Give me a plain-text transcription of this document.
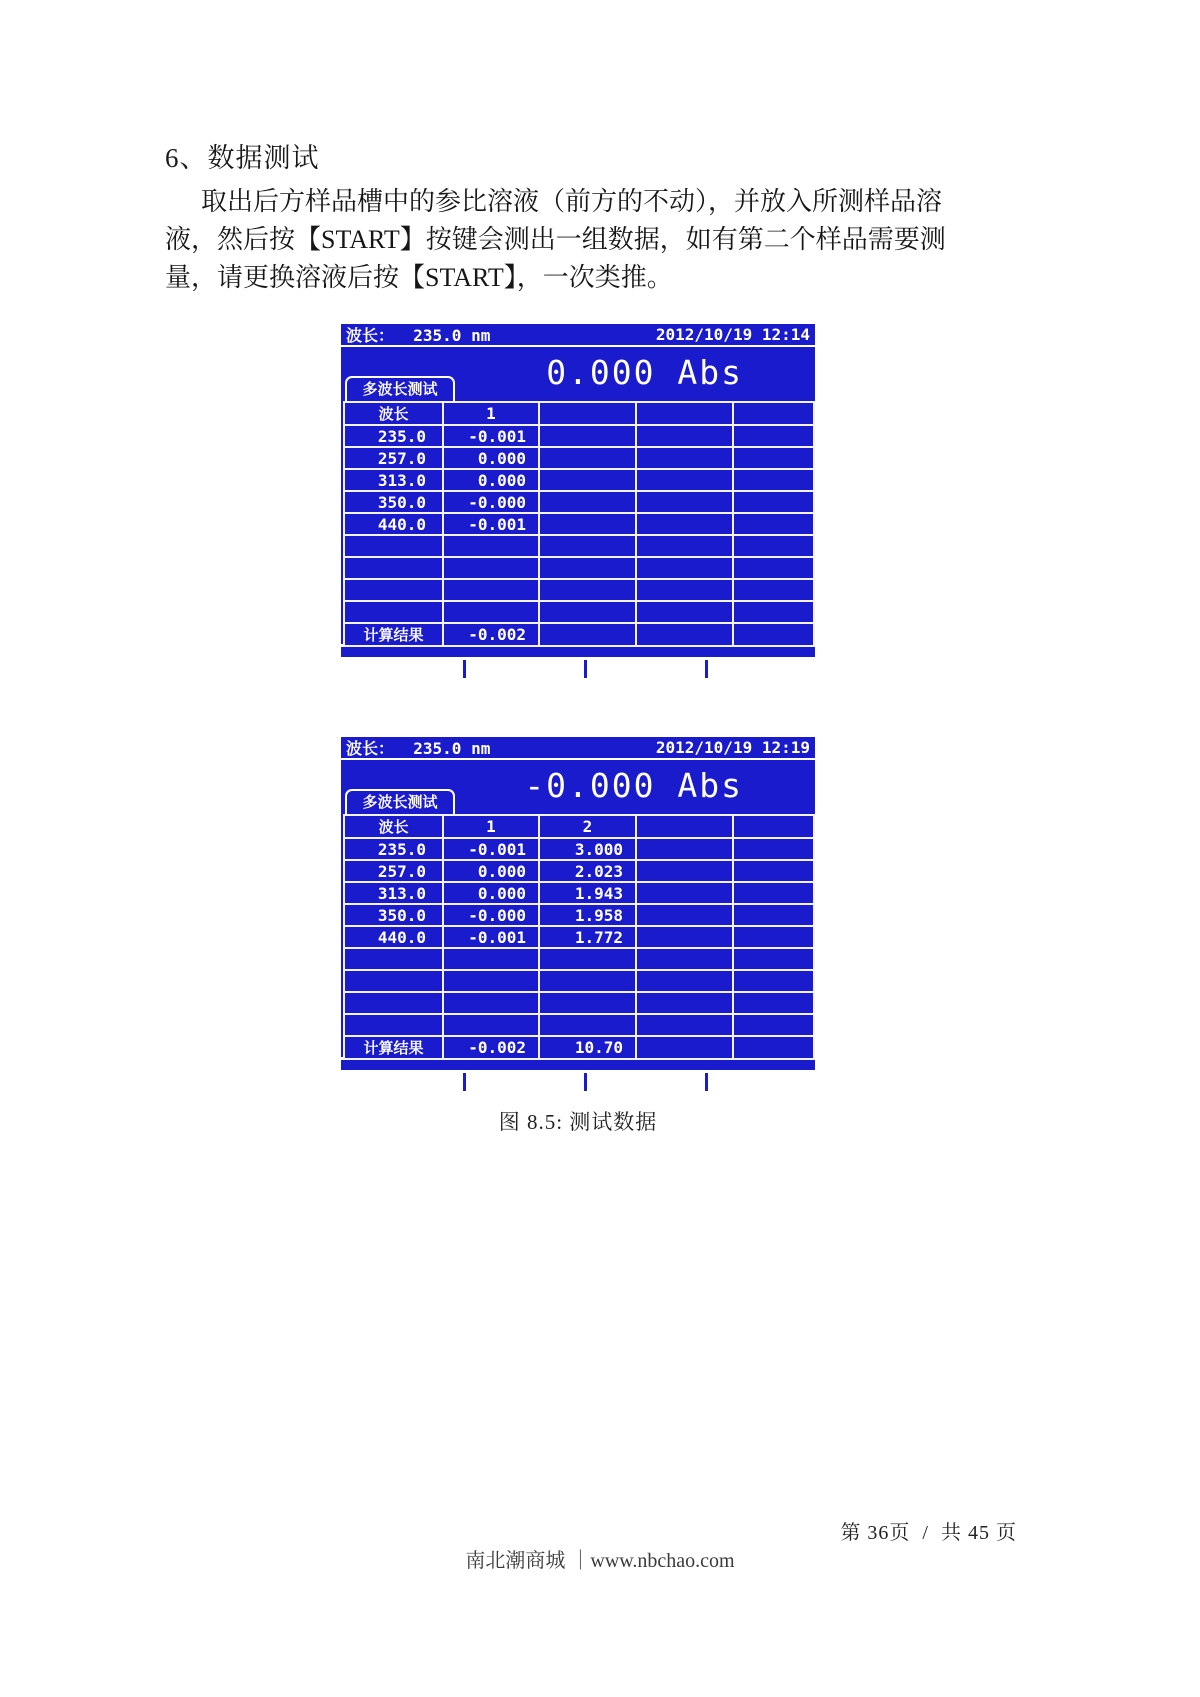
6、数据测试
取出后方样品槽中的参比溶液（前方的不动），并放入所测样品溶
液，然后按【START】按键会测出一组数据，如有第二个样品需要测
量，请更换溶液后按【START】，一次类推。
波长：  235.0 nm	2012/10/19 12:14
0.000 Abs
多波长测试
波长	1			
235.0	-0.001			
257.0	0.000			
313.0	0.000			
350.0	-0.000			
440.0	-0.001			

计算结果	-0.002			
波长：  235.0 nm	2012/10/19 12:19
-0.000 Abs
多波长测试
波长	1	2		
235.0	-0.001	3.000		
257.0	0.000	2.023		
313.0	0.000	1.943		
350.0	-0.000	1.958		
440.0	-0.001	1.772		

计算结果	-0.002	10.70		
图 8.5: 测试数据
第 36页  /  共 45 页
南北潮商城 ｜www.nbchao.com
